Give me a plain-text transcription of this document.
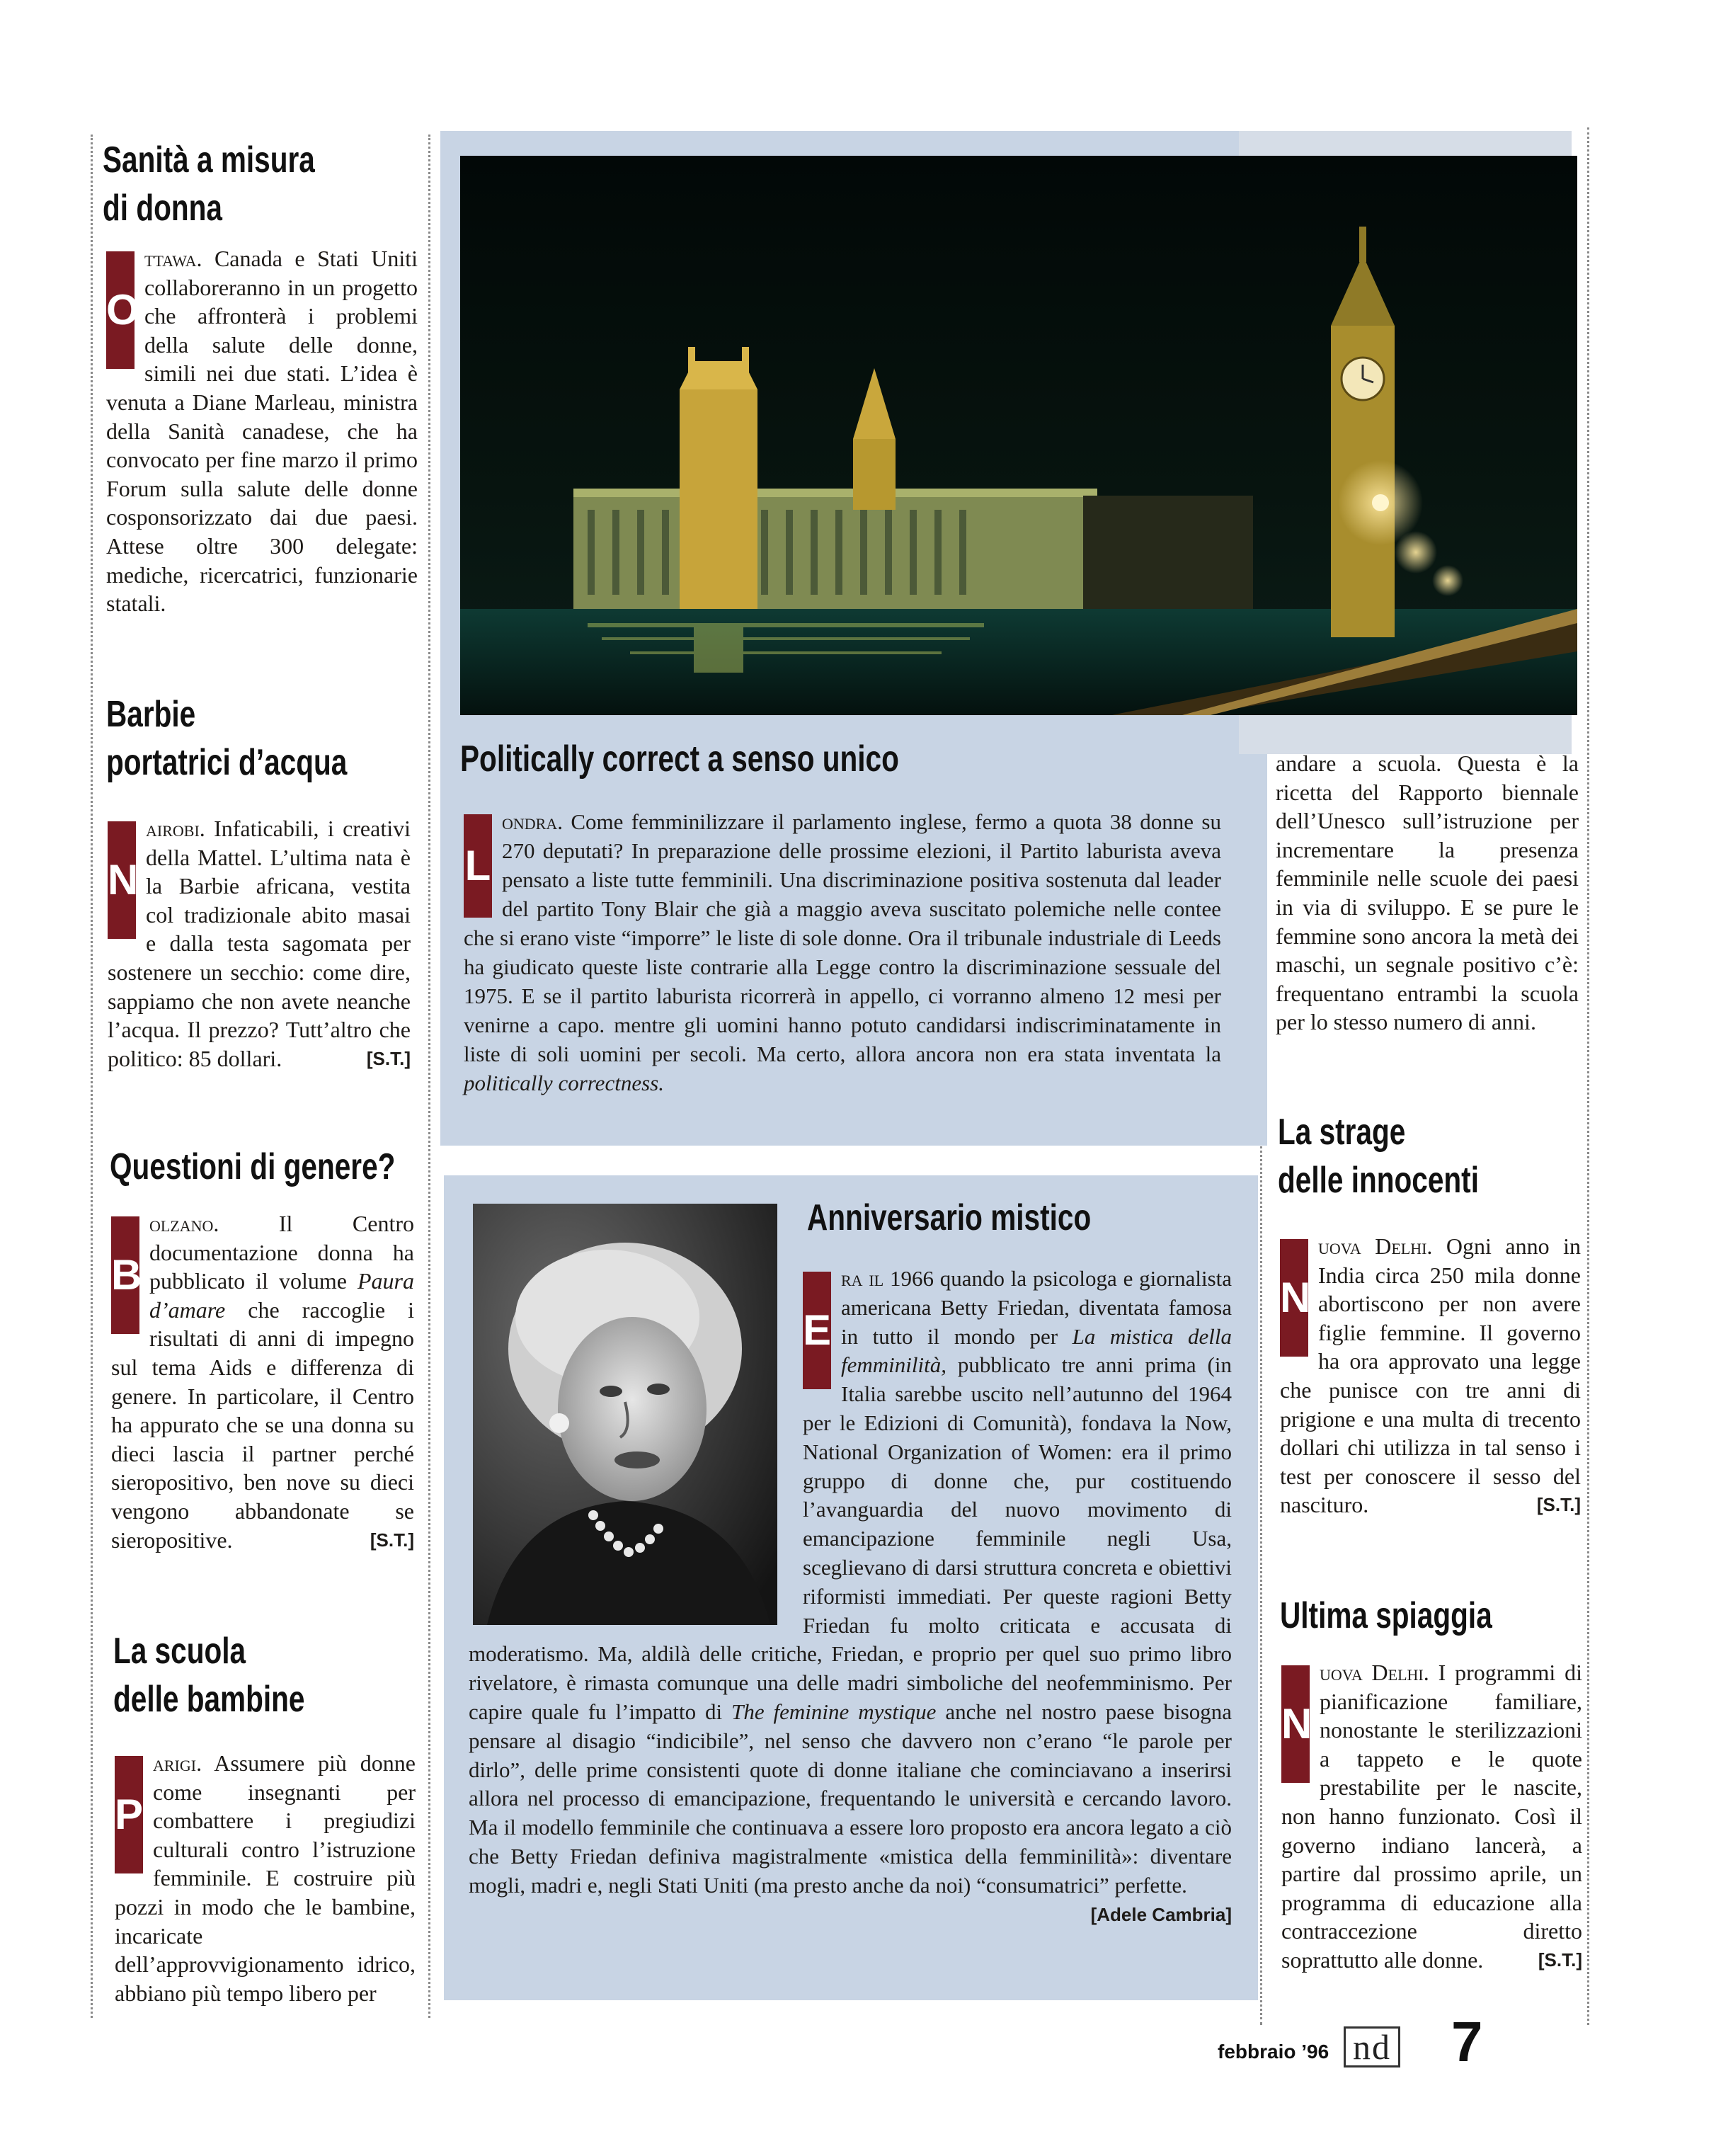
Sanità a misura
di donna
O
ttawa. Canada e Stati Uniti collaboreranno in un progetto che affronterà i problemi della salute delle donne, simili nei due stati. L’idea è venuta a Diane Marleau, ministra della Sanità canadese, che ha convocato per fine marzo il primo Forum sulla salute delle donne cosponsorizzato dai due paesi. Attese oltre 300 delegate: mediche, ricercatrici, funzionarie statali.
Barbie
portatrici d’acqua
N
airobi. Infaticabili, i creativi della Mattel. L’ultima nata è la Barbie africana, vestita col tradizionale abito masai e dalla testa sagomata per sostenere un secchio: come dire, sappiamo che non avete neanche l’acqua. Il prezzo? Tutt’altro che politico: 85 dollari.	[S.T.]
Questioni di genere?
B
olzano. Il Centro documentazione donna ha pubblicato il volume Paura d’amare che raccoglie i risultati di anni di impegno sul tema Aids e differenza di genere. In particolare, il Centro ha appurato che se una donna su dieci lascia il partner perché sieropositivo, ben nove su dieci vengono abbandonate se sieropositive.	[S.T.]
La scuola
delle bambine
P
arigi. Assumere più donne come insegnanti per combattere i pregiudizi culturali contro l’istruzione femminile. E costruire più pozzi in modo che le bambine, incaricate dell’approvvigionamento idrico, abbiano più tempo libero per
Politically correct a senso unico
L
ondra. Come femminilizzare il parlamento inglese, fermo a quota 38 donne su 270 deputati? In preparazione delle prossime elezioni, il Partito laburista aveva pensato a liste tutte femminili. Una discriminazione positiva sostenuta dal leader del partito Tony Blair che già a maggio aveva suscitato polemiche nelle contee che si erano viste “imporre” le liste di sole donne. Ora il tribunale industriale di Leeds ha giudicato queste liste contrarie alla Legge contro la discriminazione sessuale del 1975. E se il partito laburista ricorrerà in appello, ci vorranno almeno 12 mesi per venirne a capo. mentre gli uomini hanno potuto candidarsi indiscriminatamente in liste di soli uomini per secoli. Ma certo, allora ancora non era stata inventata la politically correctness.
andare a scuola. Questa è la ricetta del Rapporto biennale dell’Unesco sull’istruzione per incrementare la presenza femminile nelle scuole dei paesi in via di sviluppo. E se pure le femmine sono ancora la metà dei maschi, un segnale positivo c’è: frequentano entrambi la scuola per lo stesso numero di anni.
La strage
delle innocenti
N
uova Delhi. Ogni anno in India circa 250 mila donne abortiscono per non avere figlie femmine. Il governo ha ora approvato una legge che punisce con tre anni di prigione e una multa di trecento dollari chi utilizza in tal senso i test per conoscere il sesso del nascituro.	[S.T.]
Ultima spiaggia
N
uova Delhi. I programmi di pianificazione familiare, nonostante le sterilizzazioni a tappeto e le quote prestabilite per le nascite, non hanno funzionato. Così il governo indiano lancerà, a partire dal prossimo aprile, un programma di educazione alla contraccezione diretto soprattutto alle donne.	[S.T.]
Anniversario mistico
E
ra il 1966 quando la psicologa e giornalista americana Betty Friedan, diventata famosa in tutto il mondo per La mistica della femminilità, pubblicato tre anni prima (in Italia sarebbe uscito nell’autunno del 1964 per le Edizioni di Comunità), fondava la Now, National Organization of Women: era il primo gruppo di donne che, pur costituendo l’avanguardia del nuovo movimento di emancipazione femminile negli Usa, sceglievano di darsi struttura concreta e obiettivi riformisti immediati. Per queste ragioni Betty Friedan fu molto criticata e accusata di moderatismo. Ma, aldilà delle critiche, Friedan, e proprio per quel suo primo libro rivelatore, è rimasta comunque una delle madri simboliche del neofemminismo. Per capire quale fu l’impatto di The feminine mystique anche nel nostro paese bisogna pensare al disagio “indicibile”, nel senso che davvero non c’erano “le parole per dirlo”, delle prime consistenti quote di donne italiane che cominciavano a inserirsi allora nel processo di emancipazione, frequentando le università e cercando lavoro. Ma il modello femminile che continuava a essere loro proposto era ancora legato a ciò che Betty Friedan definiva magistralmente «mistica della femminilità»: diventare mogli, madri e, negli Stati Uniti (ma presto anche da noi) “consumatrici” perfette.
[Adele Cambria]
febbraio ’96 nd 7
